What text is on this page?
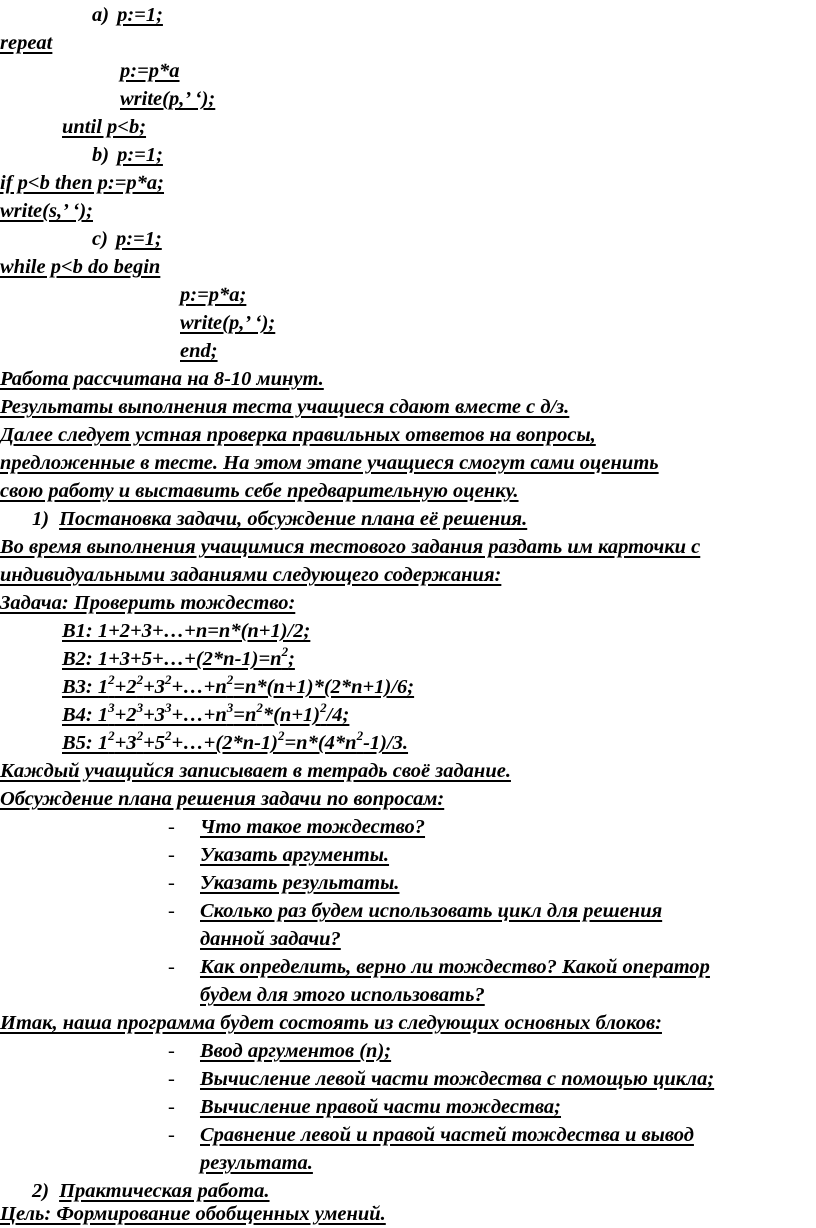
a) p:=1;
repeat
p:=p*a
write(p,’ ‘);
until p<b;
b) p:=1;
if p<b then p:=p*a;
write(s,’ ‘);
c) p:=1;
while p<b do begin
p:=p*a;
write(p,’ ‘);
end;
Работа рассчитана на 8-10 минут.
Результаты выполнения теста учащиеся сдают вместе с д/з.
Далее следует устная проверка правильных ответов на вопросы,
предложенные в тесте. На этом этапе учащиеся смогут сами оценить
свою работу и выставить себе предварительную оценку.
1) Постановка задачи, обсуждение плана её решения.
Во время выполнения учащимися тестового задания раздать им карточки с
индивидуальными заданиями следующего содержания:
Задача: Проверить тождество:
В1: 1+2+3+…+n=n*(n+1)/2;
В2: $1+3+5+\dots+(2*n-1)=n^2$;
В3: $1^2+2^2+3^2+\dots+n^2=n*(n+1)*(2*n+1)/6$;
В4: $1^3+2^3+3^3+\dots+n^3=n^2*(n+1)^2/4$;
В5: $1^2+3^2+5^2+\dots+(2*n-1)^2=n*(4*n^2-1)/3$.
Каждый учащийся записывает в тетрадь своё задание.
Обсуждение плана решения задачи по вопросам:
- Что такое тождество?
- Указать аргументы.
- Указать результаты.
- Сколько раз будем использовать цикл для решения
данной задачи?
- Как определить, верно ли тождество? Какой оператор
будем для этого использовать?
Итак, наша программа будет состоять из следующих основных блоков:
- Ввод аргументов (n);
- Вычисление левой части тождества с помощью цикла;
- Вычисление правой части тождества;
- Сравнение левой и правой частей тождества и вывод
результата.
2) Практическая работа.
Цель: Формирование обобщенных умений.
